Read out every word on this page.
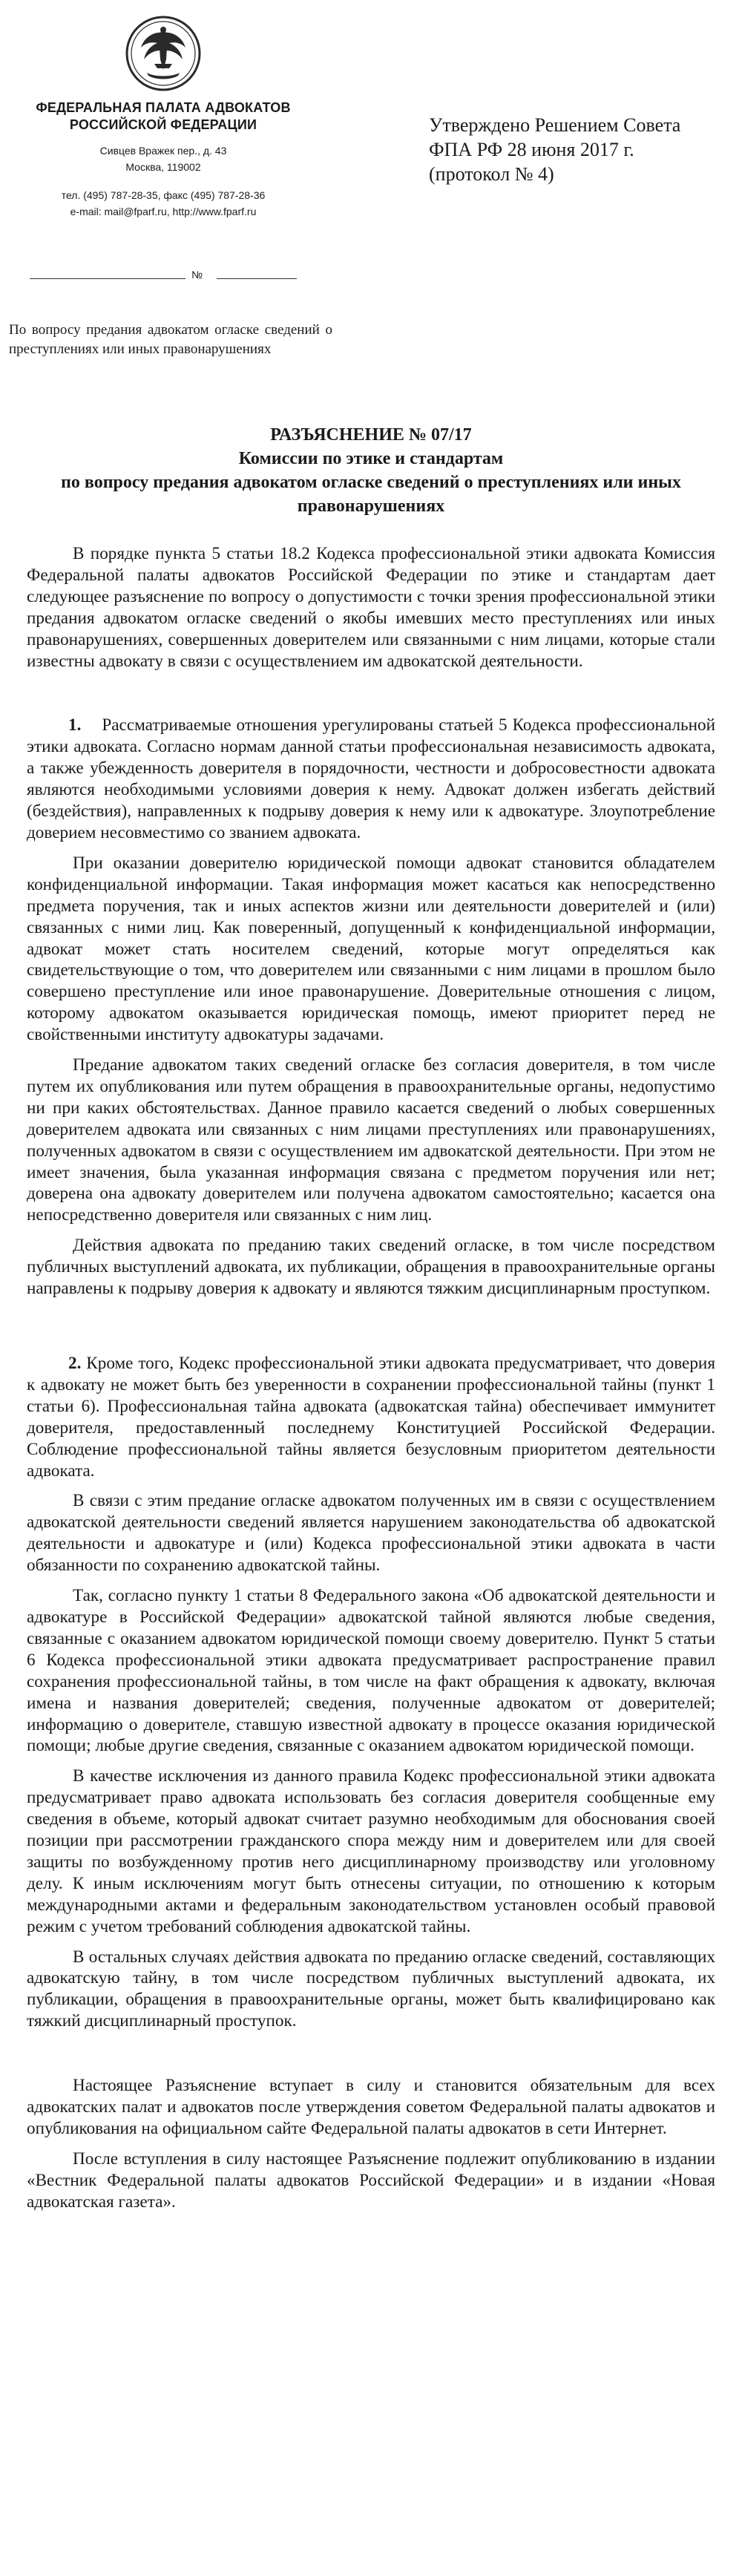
ФЕДЕРАЛЬНАЯ ПАЛАТА АДВОКАТОВ
РОССИЙСКОЙ ФЕДЕРАЦИИ
Сивцев Вражек пер., д. 43
Москва, 119002
тел. (495) 787-28-35, факс (495) 787-28-36
e-mail: mail@fparf.ru, http://www.fparf.ru
№
Утверждено Решением Совета
ФПА РФ 28 июня 2017 г.
(протокол № 4)
По вопросу предания адвокатом огласке сведений о преступлениях или иных правонарушениях
РАЗЪЯСНЕНИЕ № 07/17
Комиссии по этике и стандартам
по вопросу предания адвокатом огласке сведений о преступлениях или иных правонарушениях

В порядке пункта 5 статьи 18.2 Кодекса профессиональной этики адвоката Комиссия Федеральной палаты адвокатов Российской Федерации по этике и стандартам дает следующее разъяснение по вопросу о допустимости с точки зрения профессиональной этики предания адвокатом огласке сведений о якобы имевших место преступлениях или иных правонарушениях, совершенных доверителем или связанными с ним лицами, которые стали известны адвокату в связи с осуществлением им адвокатской деятельности.

1. Рассматриваемые отношения урегулированы статьей 5 Кодекса профессиональной этики адвоката. Согласно нормам данной статьи профессиональная независимость адвоката, а также убежденность доверителя в порядочности, честности и добросовестности адвоката являются необходимыми условиями доверия к нему. Адвокат должен избегать действий (бездействия), направленных к подрыву доверия к нему или к адвокатуре. Злоупотребление доверием несовместимо со званием адвоката.

При оказании доверителю юридической помощи адвокат становится обладателем конфиденциальной информации. Такая информация может касаться как непосредственно предмета поручения, так и иных аспектов жизни или деятельности доверителей и (или) связанных с ними лиц. Как поверенный, допущенный к конфиденциальной информации, адвокат может стать носителем сведений, которые могут определяться как свидетельствующие о том, что доверителем или связанными с ним лицами в прошлом было совершено преступление или иное правонарушение. Доверительные отношения с лицом, которому адвокатом оказывается юридическая помощь, имеют приоритет перед не свойственными институту адвокатуры задачами.

Предание адвокатом таких сведений огласке без согласия доверителя, в том числе путем их опубликования или путем обращения в правоохранительные органы, недопустимо ни при каких обстоятельствах. Данное правило касается сведений о любых совершенных доверителем адвоката или связанных с ним лицами преступлениях или правонарушениях, полученных адвокатом в связи с осуществлением им адвокатской деятельности. При этом не имеет значения, была указанная информация связана с предметом поручения или нет; доверена она адвокату доверителем или получена адвокатом самостоятельно; касается она непосредственно доверителя или связанных с ним лиц.

Действия адвоката по преданию таких сведений огласке, в том числе посредством публичных выступлений адвоката, их публикации, обращения в правоохранительные органы направлены к подрыву доверия к адвокату и являются тяжким дисциплинарным проступком.

2. Кроме того, Кодекс профессиональной этики адвоката предусматривает, что доверия к адвокату не может быть без уверенности в сохранении профессиональной тайны (пункт 1 статьи 6). Профессиональная тайна адвоката (адвокатская тайна) обеспечивает иммунитет доверителя, предоставленный последнему Конституцией Российской Федерации. Соблюдение профессиональной тайны является безусловным приоритетом деятельности адвоката.

В связи с этим предание огласке адвокатом полученных им в связи с осуществлением адвокатской деятельности сведений является нарушением законодательства об адвокатской деятельности и адвокатуре и (или) Кодекса профессиональной этики адвоката в части обязанности по сохранению адвокатской тайны.

Так, согласно пункту 1 статьи 8 Федерального закона «Об адвокатской деятельности и адвокатуре в Российской Федерации» адвокатской тайной являются любые сведения, связанные с оказанием адвокатом юридической помощи своему доверителю. Пункт 5 статьи 6 Кодекса профессиональной этики адвоката предусматривает распространение правил сохранения профессиональной тайны, в том числе на факт обращения к адвокату, включая имена и названия доверителей; сведения, полученные адвокатом от доверителей; информацию о доверителе, ставшую известной адвокату в процессе оказания юридической помощи; любые другие сведения, связанные с оказанием адвокатом юридической помощи.

В качестве исключения из данного правила Кодекс профессиональной этики адвоката предусматривает право адвоката использовать без согласия доверителя сообщенные ему сведения в объеме, который адвокат считает разумно необходимым для обоснования своей позиции при рассмотрении гражданского спора между ним и доверителем или для своей защиты по возбужденному против него дисциплинарному производству или уголовному делу. К иным исключениям могут быть отнесены ситуации, по отношению к которым международными актами и федеральным законодательством установлен особый правовой режим с учетом требований соблюдения адвокатской тайны.

В остальных случаях действия адвоката по преданию огласке сведений, составляющих адвокатскую тайну, в том числе посредством публичных выступлений адвоката, их публикации, обращения в правоохранительные органы, может быть квалифицировано как тяжкий дисциплинарный проступок.

Настоящее Разъяснение вступает в силу и становится обязательным для всех адвокатских палат и адвокатов после утверждения советом Федеральной палаты адвокатов и опубликования на официальном сайте Федеральной палаты адвокатов в сети Интернет.

После вступления в силу настоящее Разъяснение подлежит опубликованию в издании «Вестник Федеральной палаты адвокатов Российской Федерации» и в издании «Новая адвокатская газета».
